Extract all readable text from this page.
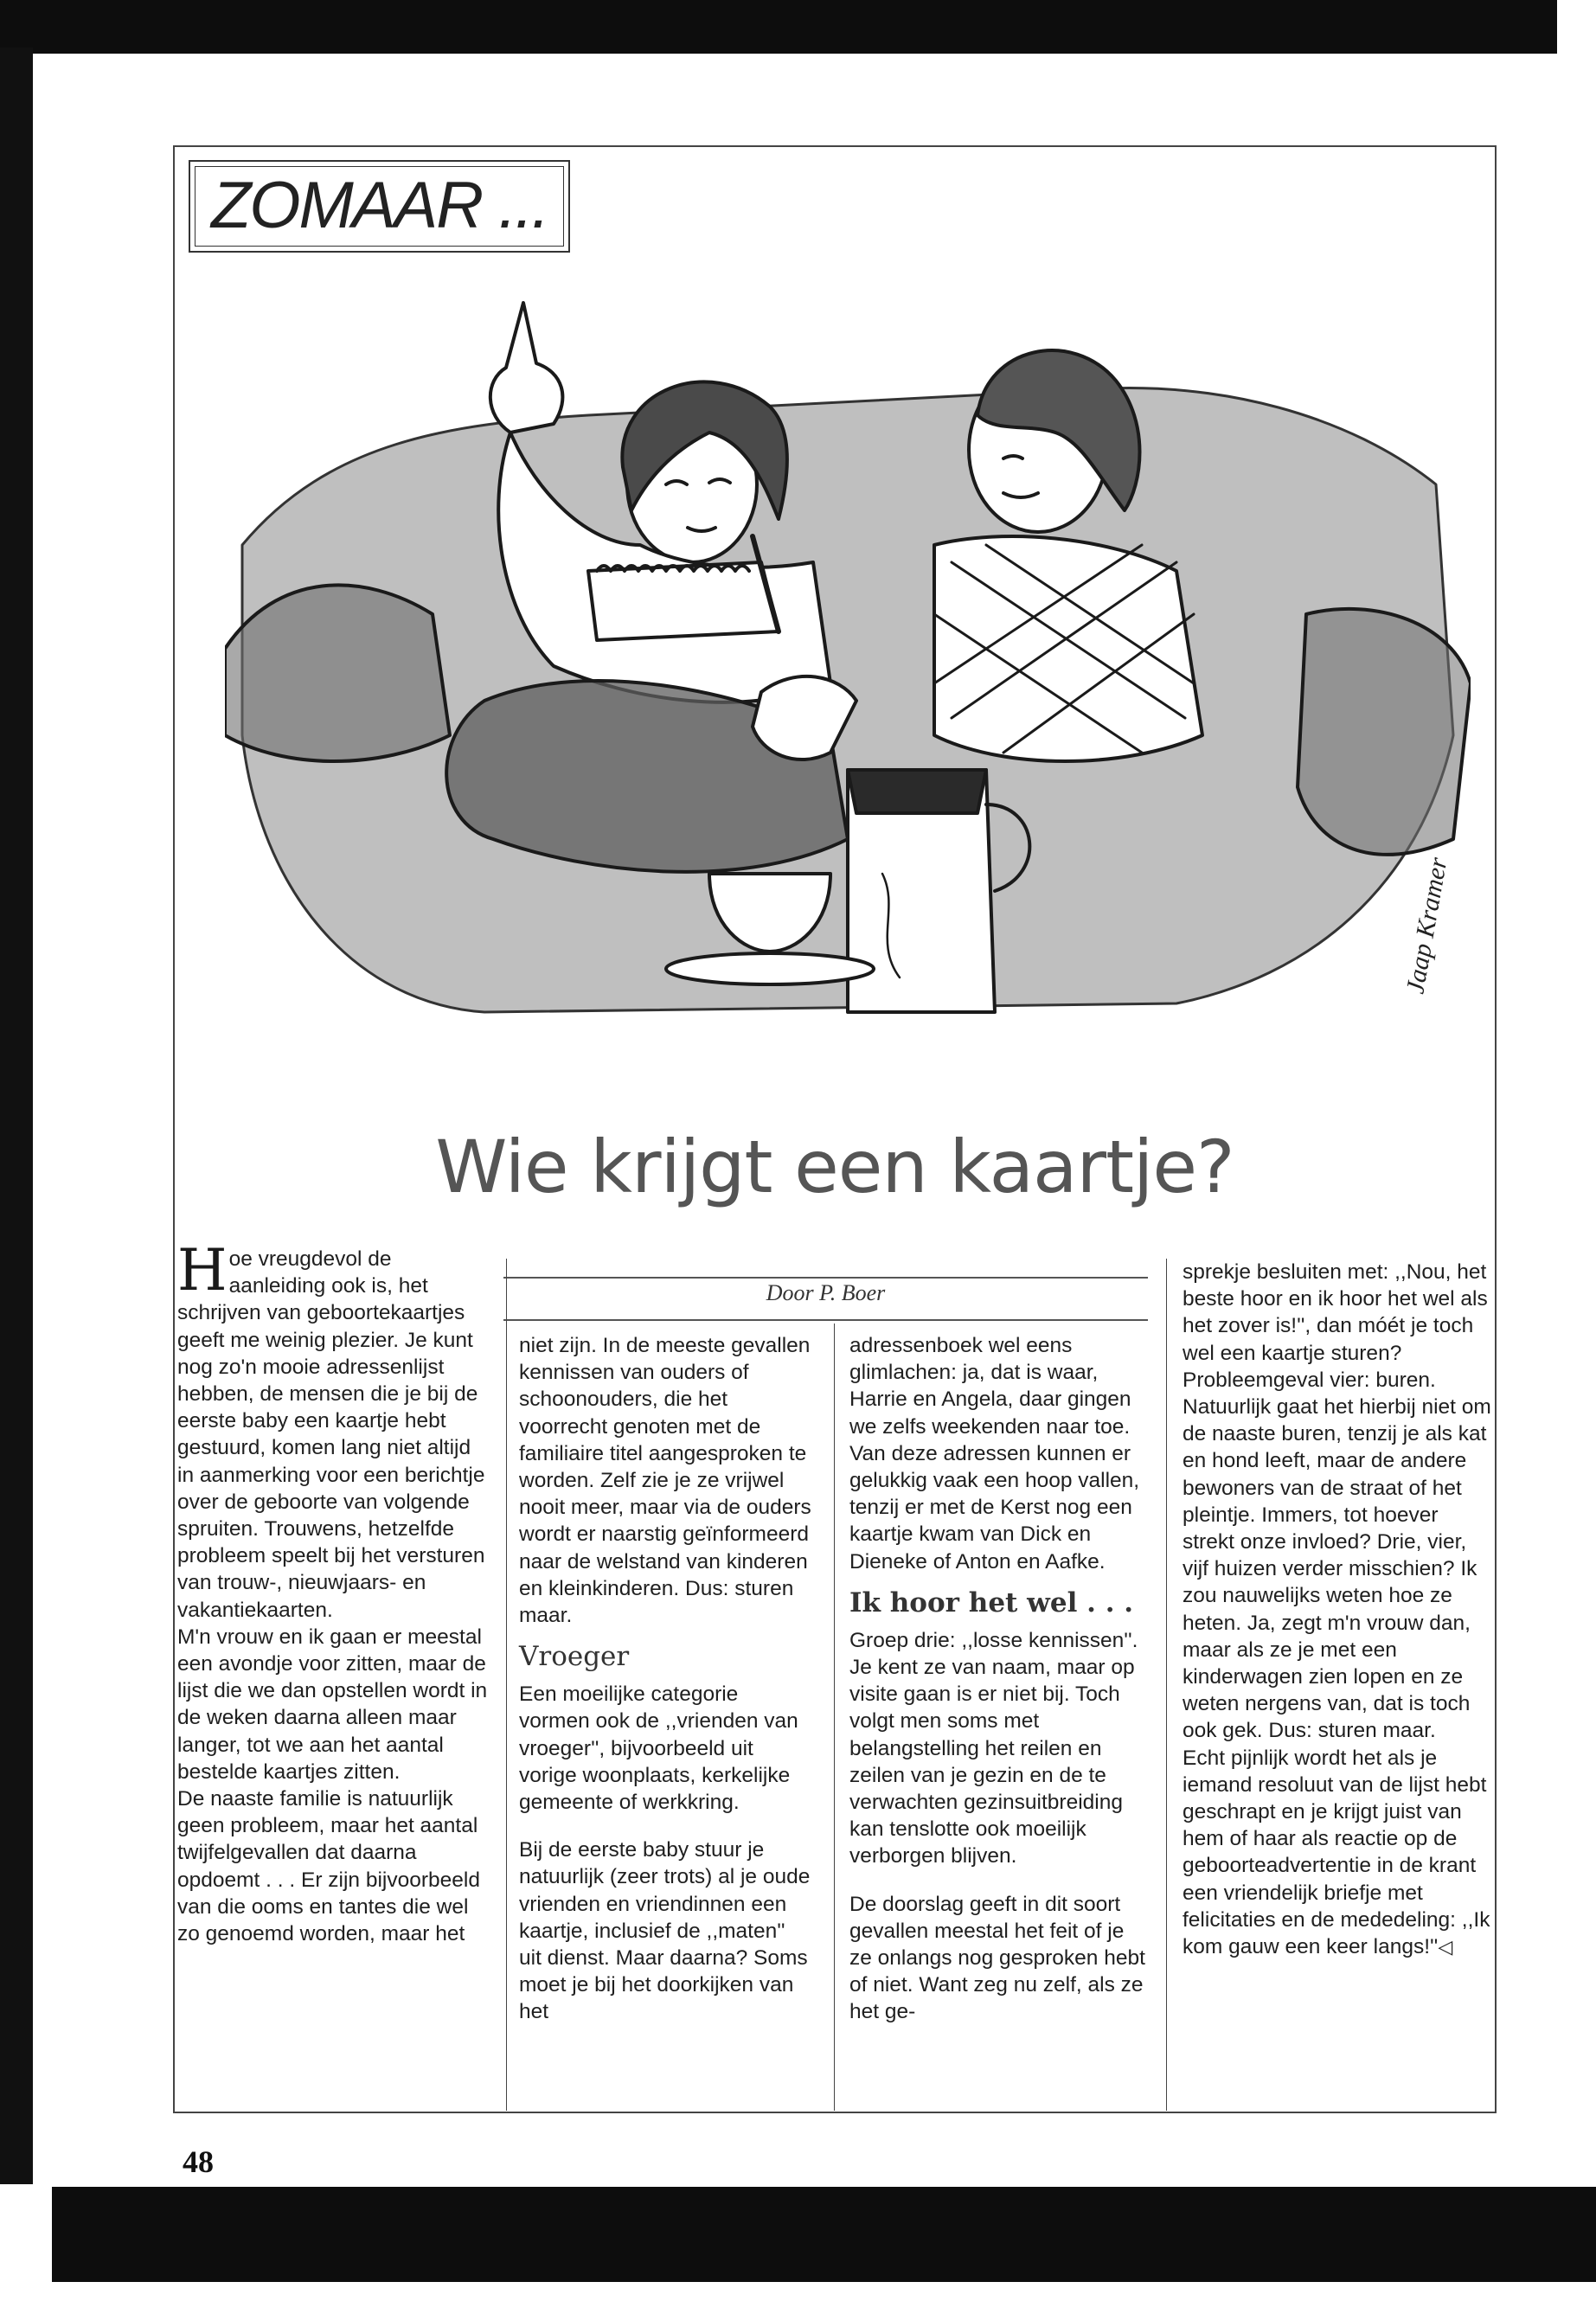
ZOMAAR ...
Jaap Kramer
Wie krijgt een kaartje?
Door P. Boer

Hoe vreugdevol de aanleiding ook is, het schrijven van geboortekaartjes geeft me weinig plezier. Je kunt nog zo'n mooie adressenlijst hebben, de mensen die je bij de eerste baby een kaartje hebt gestuurd, komen lang niet altijd in aanmerking voor een berichtje over de geboorte van volgende spruiten. Trouwens, hetzelfde probleem speelt bij het versturen van trouw-, nieuwjaars- en vakantiekaarten.

M'n vrouw en ik gaan er meestal een avondje voor zitten, maar de lijst die we dan opstellen wordt in de weken daarna alleen maar langer, tot we aan het aantal bestelde kaartjes zitten.

De naaste familie is natuurlijk geen probleem, maar het aantal twijfelgevallen dat daarna opdoemt . . . Er zijn bijvoorbeeld van die ooms en tantes die wel zo genoemd worden, maar het

niet zijn. In de meeste gevallen kennissen van ouders of schoonouders, die het voorrecht genoten met de familiaire titel aangesproken te worden. Zelf zie je ze vrijwel nooit meer, maar via de ouders wordt er naarstig geïnformeerd naar de welstand van kinderen en kleinkinderen. Dus: sturen maar.

Vroeger

Een moeilijke categorie vormen ook de ,,vrienden van vroeger'', bijvoorbeeld uit vorige woonplaats, kerkelijke gemeente of werkkring.

Bij de eerste baby stuur je natuurlijk (zeer trots) al je oude vrienden en vriendinnen een kaartje, inclusief de ,,maten'' uit dienst. Maar daarna? Soms moet je bij het doorkijken van het

adressenboek wel eens glimlachen: ja, dat is waar, Harrie en Angela, daar gingen we zelfs weekenden naar toe. Van deze adressen kunnen er gelukkig vaak een hoop vallen, tenzij er met de Kerst nog een kaartje kwam van Dick en Dieneke of Anton en Aafke.

Ik hoor het wel . . .

Groep drie: ,,losse kennissen''. Je kent ze van naam, maar op visite gaan is er niet bij. Toch volgt men soms met belangstelling het reilen en zeilen van je gezin en de te verwachten gezinsuitbreiding kan tenslotte ook moeilijk verborgen blijven.

De doorslag geeft in dit soort gevallen meestal het feit of je ze onlangs nog gesproken hebt of niet. Want zeg nu zelf, als ze het ge-

sprekje besluiten met: ,,Nou, het beste hoor en ik hoor het wel als het zover is!'', dan móét je toch wel een kaartje sturen?

Probleemgeval vier: buren. Natuurlijk gaat het hierbij niet om de naaste buren, tenzij je als kat en hond leeft, maar de andere bewoners van de straat of het pleintje. Immers, tot hoever strekt onze invloed? Drie, vier, vijf huizen verder misschien? Ik zou nauwelijks weten hoe ze heten. Ja, zegt m'n vrouw dan, maar als ze je met een kinderwagen zien lopen en ze weten nergens van, dat is toch ook gek. Dus: sturen maar.

Echt pijnlijk wordt het als je iemand resoluut van de lijst hebt geschrapt en je krijgt juist van hem of haar als reactie op de geboorteadvertentie in de krant een vriendelijk briefje met felicitaties en de mededeling: ,,Ik kom gauw een keer langs!''◁

48
